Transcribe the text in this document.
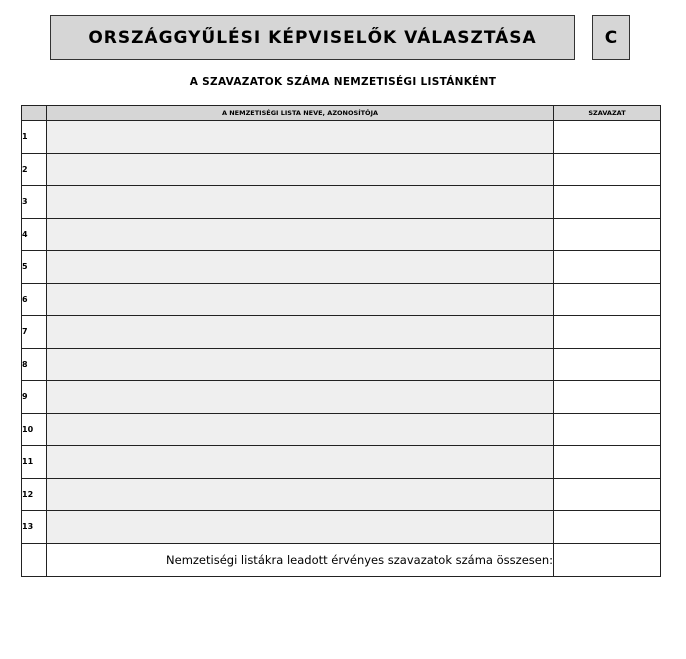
ORSZÁGGYŰLÉSI KÉPVISELŐK VÁLASZTÁSA	C
A SZAVAZATOK SZÁMA NEMZETISÉGI LISTÁNKÉNT
	A NEMZETISÉGI LISTA NEVE, AZONOSÍTÓJA	SZAVAZAT
1		
2		
3		
4		
5		
6		
7		
8		
9		
10		
11		
12		
13		
	Nemzetiségi listákra leadott érvényes szavazatok száma összesen:	
